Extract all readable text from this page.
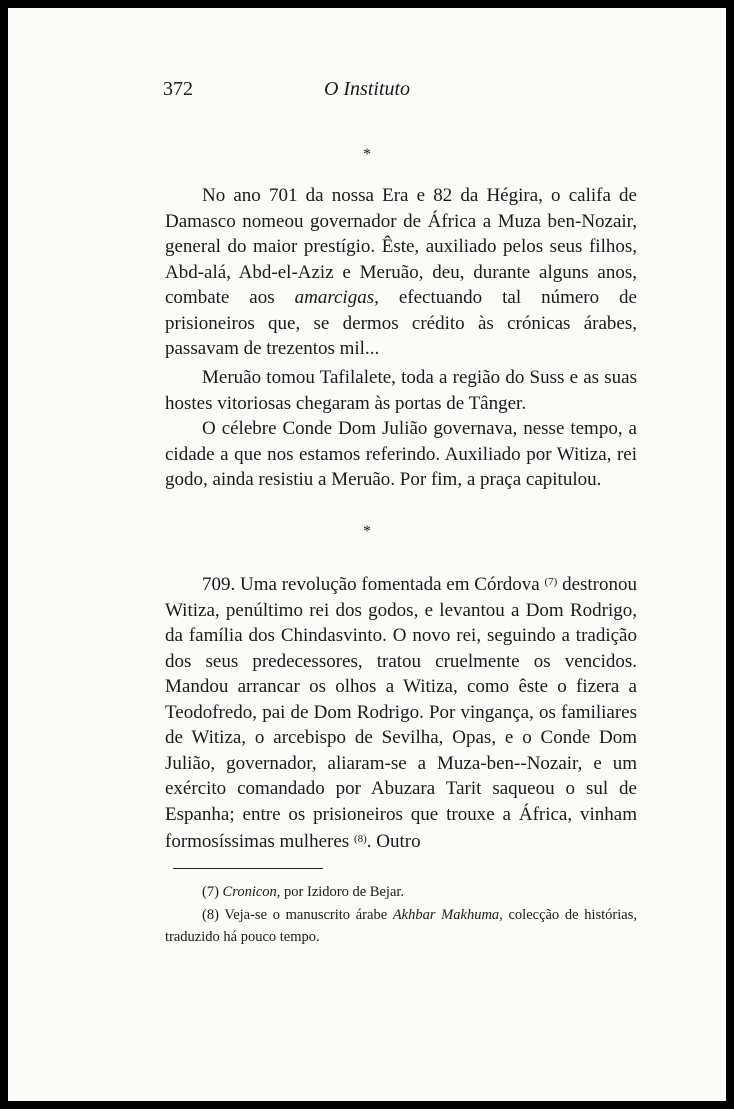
372	O Instituto
*

No ano 701 da nossa Era e 82 da Hégira, o califa de Damasco nomeou governador de África a Muza ben-Nozair, general do maior prestígio. Êste, auxiliado pelos seus filhos, Abd-alá, Abd-el-Aziz e Meruão, deu, durante alguns anos, combate aos amarcigas, efectuando tal número de prisioneiros que, se dermos crédito às crónicas árabes, passavam de trezentos mil...

Meruão tomou Tafilalete, toda a região do Suss e as suas hostes vitoriosas chegaram às portas de Tânger.

O célebre Conde Dom Julião governava, nesse tempo, a cidade a que nos estamos referindo. Auxiliado por Witiza, rei godo, ainda resistiu a Meruão. Por fim, a praça capitulou.

*

709. Uma revolução fomentada em Córdova $^{(7)}$ destronou Witiza, penúltimo rei dos godos, e levantou a Dom Rodrigo, da família dos Chindasvinto. O novo rei, seguindo a tradição dos seus predecessores, tratou cruelmente os vencidos. Mandou arrancar os olhos a Witiza, como êste o fizera a Teodofredo, pai de Dom Rodrigo. Por vingança, os familiares de Witiza, o arcebispo de Sevilha, Opas, e o Conde Dom Julião, governador, aliaram-se a Muza-ben--Nozair, e um exército comandado por Abuzara Tarit saqueou o sul de Espanha; entre os prisioneiros que trouxe a África, vinham formosíssimas mulheres $^{(8)}$. Outro

(7) Cronicon, por Izidoro de Bejar.

(8) Veja-se o manuscrito árabe Akhbar Makhuma, colecção de histórias, traduzido há pouco tempo.
